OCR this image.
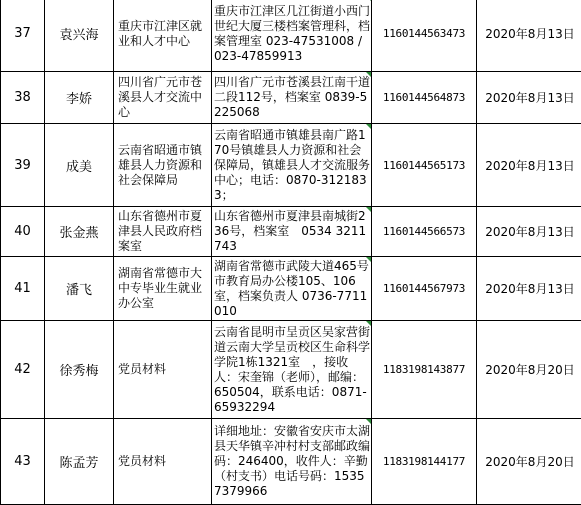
37	袁兴海	重庆市江津区就业和人才中心	重庆市江津区几江街道小西门世纪大厦三楼档案管理科，档案管理室 023-47531008 / 023-47859913	1160144563473	2020年8月13日
38	李娇	四川省广元市苍溪县人才交流中心	四川省广元市苍溪县江南干道二段112号，档案室 0839-5225068	1160144564873	2020年8月13日
39	成美	云南省昭通市镇雄县人力资源和社会保障局	云南省昭通市镇雄县南广路170号镇雄县人力资源和社会保障局，镇雄县人才交流服务中心；电话：0870-3121833；	1160144565173	2020年8月13日
40	张金燕	山东省德州市夏津县人民政府档案室	山东省德州市夏津县南城街236号，档案室　0534 3211743	1160144566573	2020年8月13日
41	潘飞	湖南省常德市大中专毕业生就业办公室	湖南省常德市武陵大道465号市教育局办公楼105、106室，档案负责人 0736-7711010	1160144567973	2020年8月13日
42	徐秀梅	党员材料	云南省昆明市呈贡区吴家营街道云南大学呈贡校区生命科学学院1栋1321室　，接收人：宋奎锦（老师），邮编：650504，联系电话：0871-65932294	1183198143877	2020年8月20日
43	陈孟芳	党员材料	详细地址：安徽省安庆市太湖县天华镇辛冲村村支部邮政编码：246400，收件人：辛勤（村支书）电话号码：15357379966	1183198144177	2020年8月20日
